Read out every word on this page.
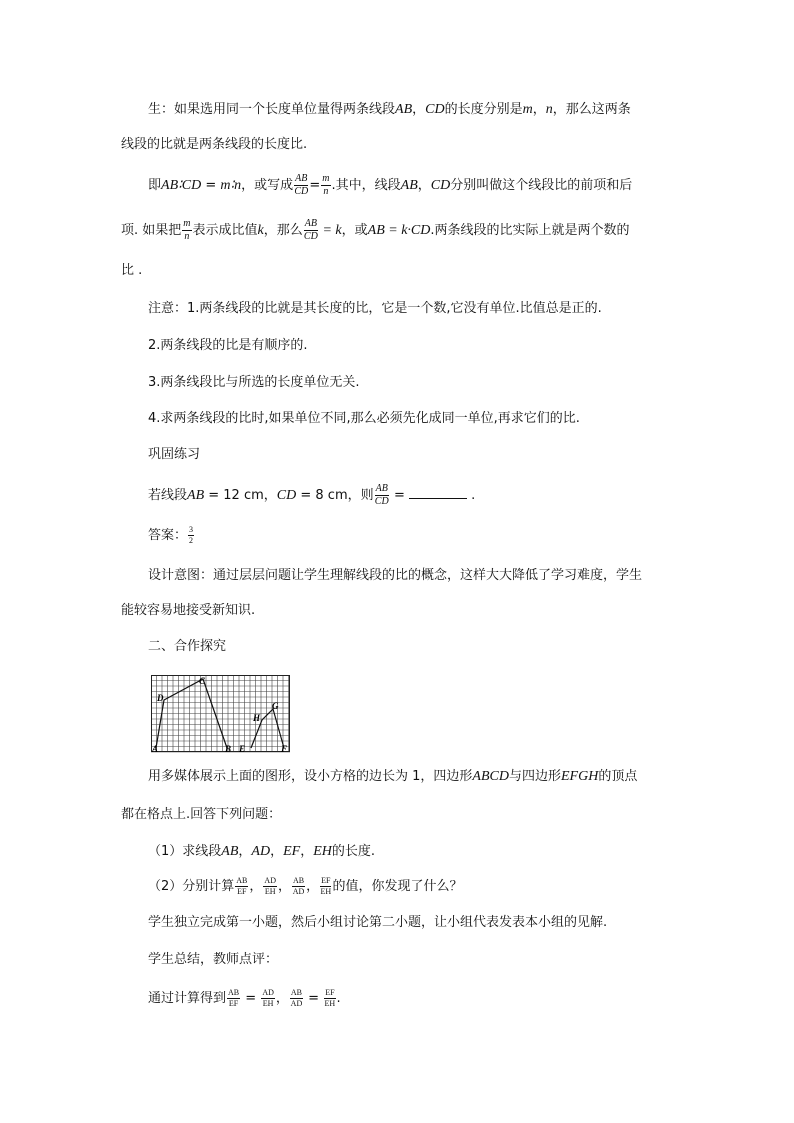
生：如果选用同一个长度单位量得两条线段AB，CD的长度分别是m，n，那么这两条
线段的比就是两条线段的长度比.
即AB∶CD = m∶n，或写成 $\frac{AB}{CD} = \frac{m}{n}$ .其中，线段AB，CD分别叫做这个线段比的前项和后
项. 如果把 $\frac{m}{n}$ 表示成比值k，那么 $\frac{AB}{CD} = k$，或AB = k·CD.两条线段的比实际上就是两个数的
比 .
注意：1.两条线段的比就是其长度的比，它是一个数,它没有单位.比值总是正的.
2.两条线段的比是有顺序的.
3.两条线段比与所选的长度单位无关.
4.求两条线段的比时,如果单位不同,那么必须先化成同一单位,再求它们的比.
巩固练习
若线段AB = 12 cm，CD = 8 cm，则 $\frac{AB}{CD}$ =	.
答案： $\frac{3}{2}$
设计意图：通过层层问题让学生理解线段的比的概念，这样大大降低了学习难度，学生
能较容易地接受新知识.
二、合作探究
A	B
C
D
E	F
G
H
用多媒体展示上面的图形，设小方格的边长为 1，四边形ABCD与四边形EFGH的顶点
都在格点上.回答下列问题：
（1）求线段AB，AD，EF，EH的长度.
（2）分别计算 $\frac{AB}{EF}$ ， $\frac{AD}{EH}$ ， $\frac{AB}{AD}$ ， $\frac{EF}{EH}$ 的值，你发现了什么？
学生独立完成第一小题，然后小组讨论第二小题，让小组代表发表本小组的见解.
学生总结，教师点评：
通过计算得到 $\frac{AB}{EF} = \frac{AD}{EH}$ ， $\frac{AB}{AD} = \frac{EF}{EH}$ .
